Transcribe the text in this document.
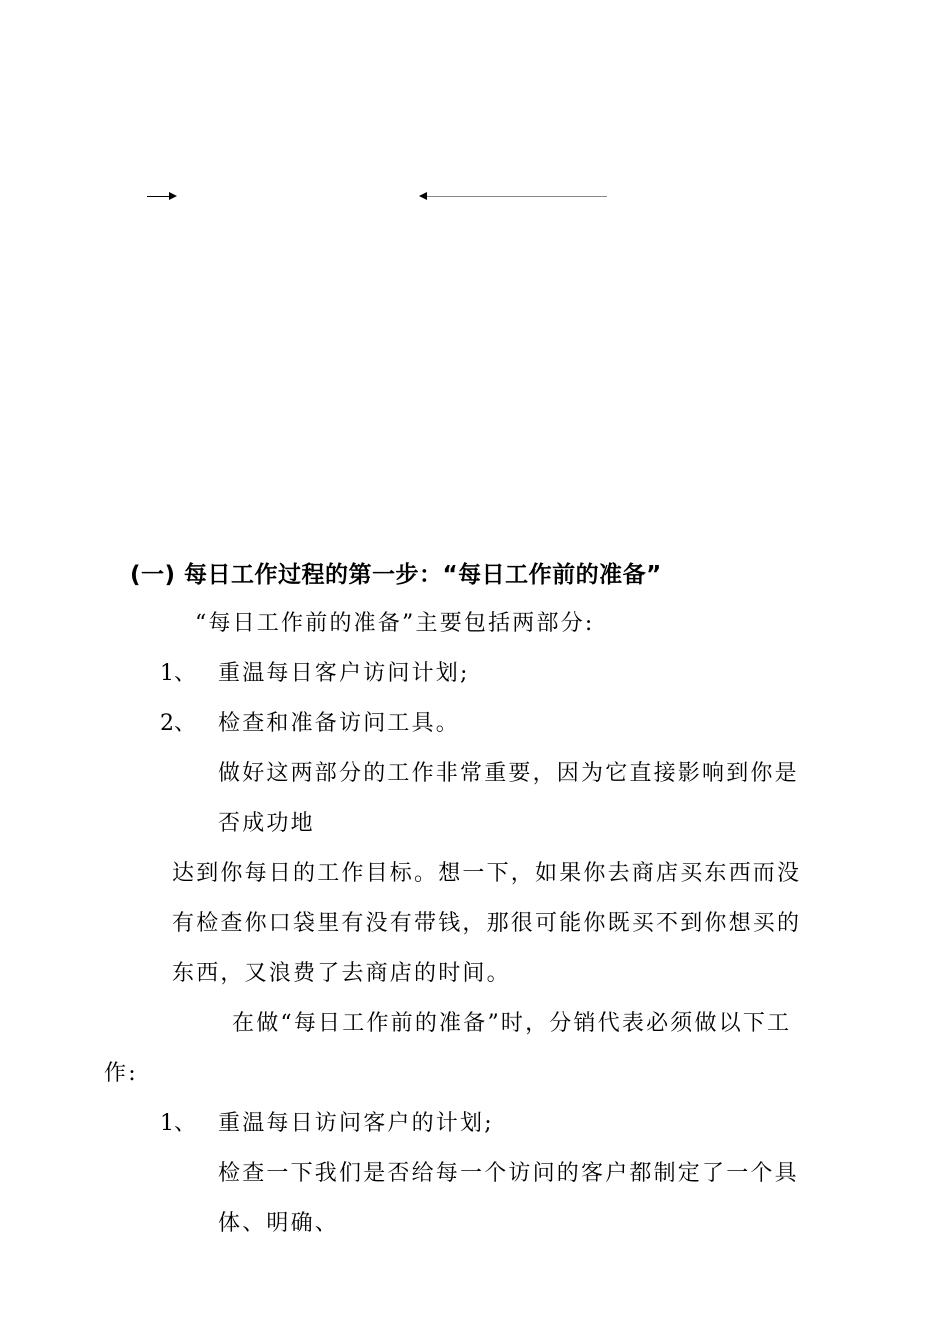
(一) 每日工作过程的第一步：“每日工作前的准备”
“每日工作前的准备”主要包括两部分:
1、 重温每日客户访问计划;
2、 检查和准备访问工具。
做好这两部分的工作非常重要，因为它直接影响到你是
否成功地
达到你每日的工作目标。想一下，如果你去商店买东西而没
有检查你口袋里有没有带钱，那很可能你既买不到你想买的
东西，又浪费了去商店的时间。
在做“每日工作前的准备”时，分销代表必须做以下工
作:
1、 重温每日访问客户的计划;
检查一下我们是否给每一个访问的客户都制定了一个具
体、明确、
